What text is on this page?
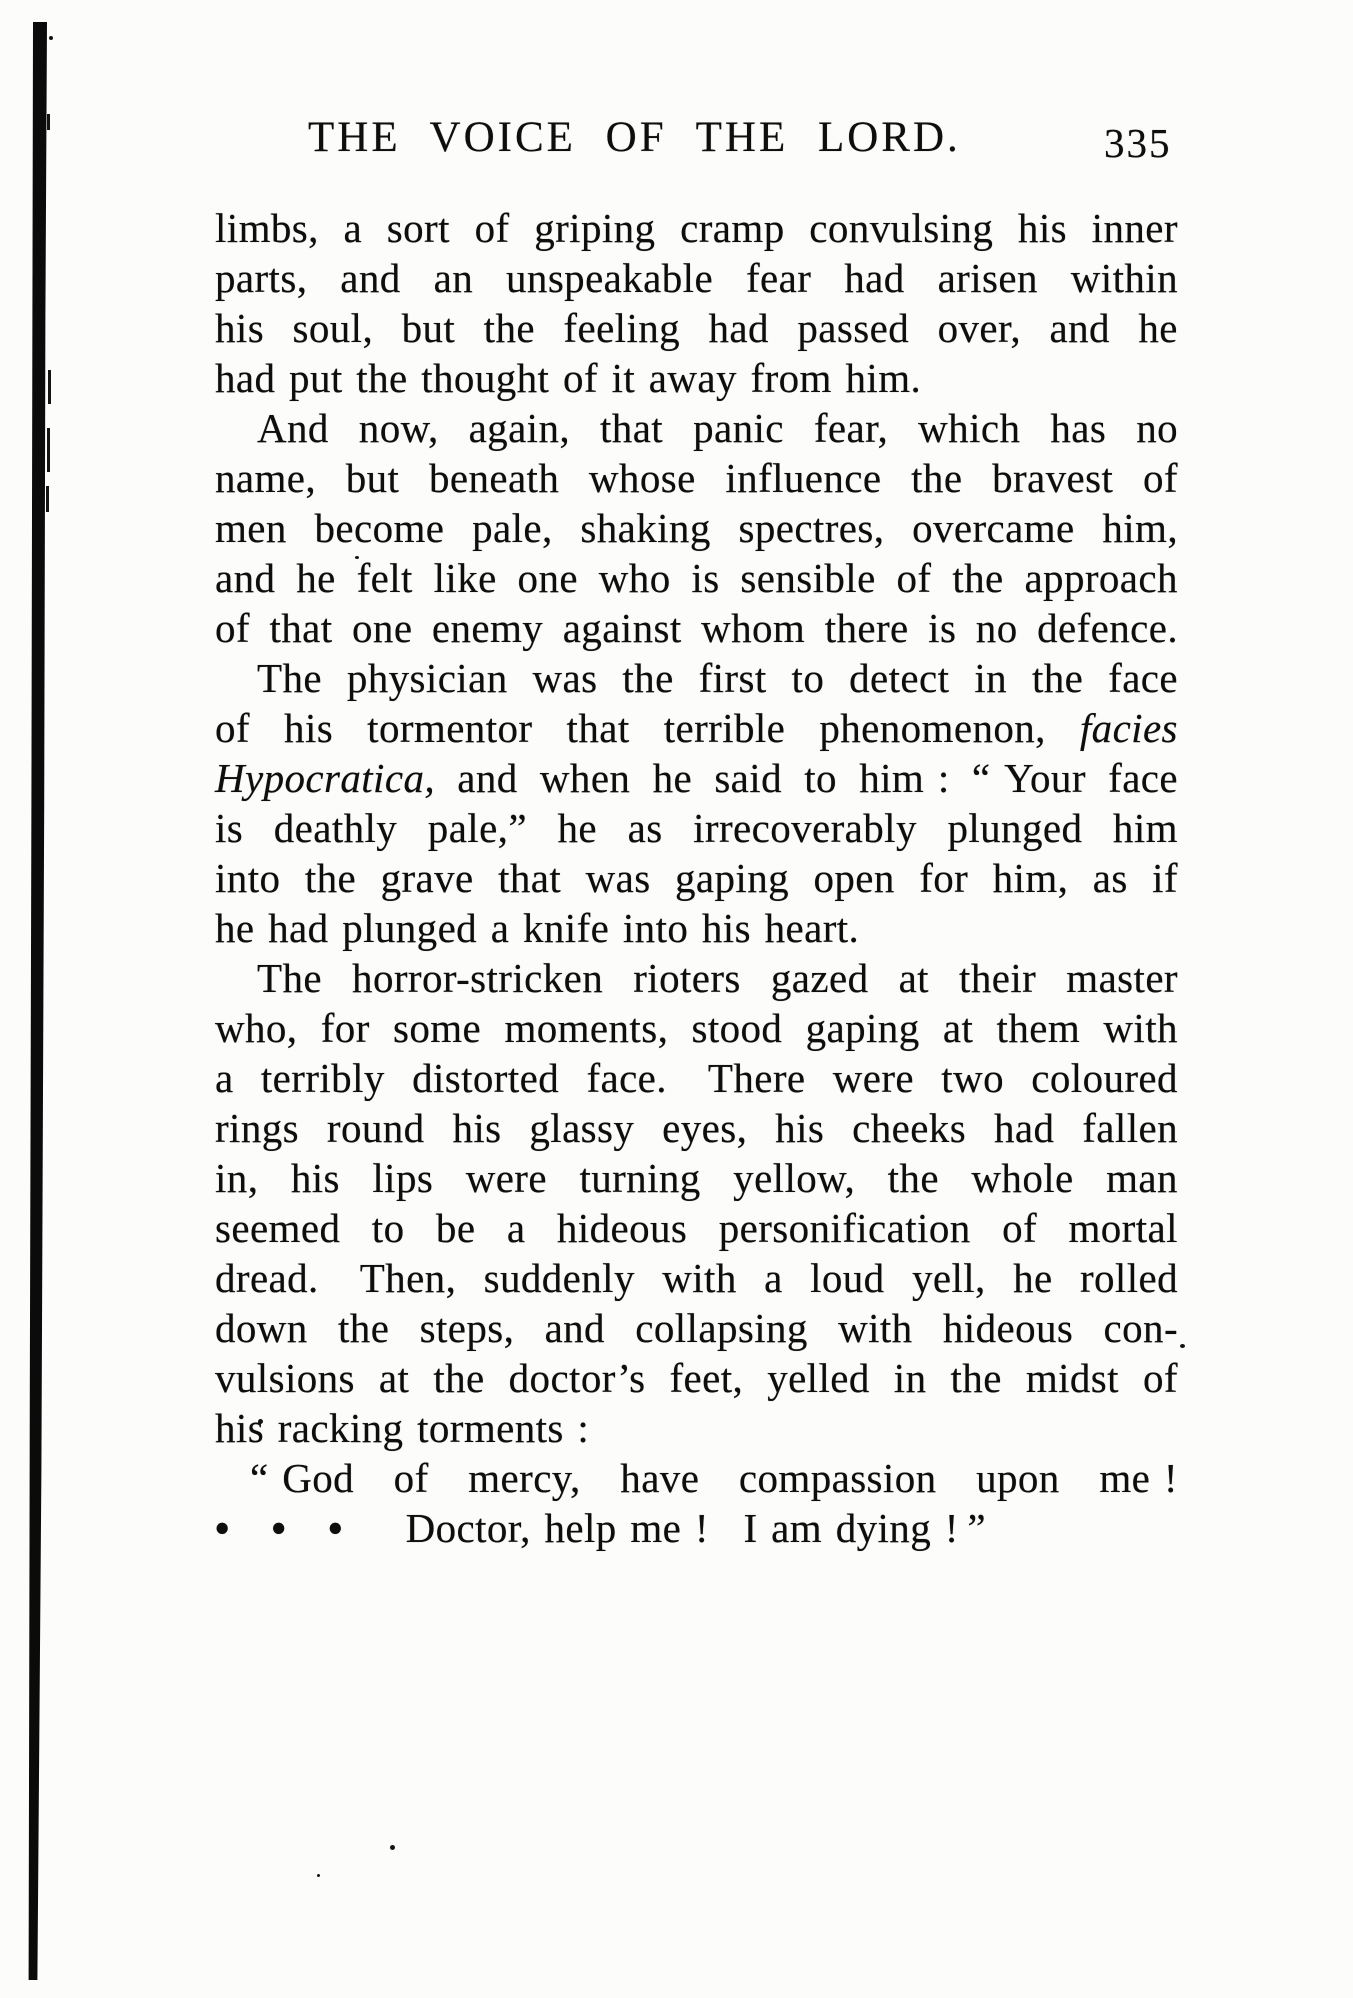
THE VOICE OF THE LORD.	335
limbs, a sort of griping cramp convulsing his inner
parts, and an unspeakable fear had arisen within
his soul, but the feeling had passed over, and he
had put the thought of it away from him.
And now, again, that panic fear, which has no
name, but beneath whose influence the bravest of
men become pale, shaking spectres, overcame him,
and he felt like one who is sensible of the approach
of that one enemy against whom there is no defence.
The physician was the first to detect in the face
of his tormentor that terrible phenomenon, facies
Hypocratica, and when he said to him : “ Your face
is deathly pale,” he as irrecoverably plunged him
into the grave that was gaping open for him, as if
he had plunged a knife into his heart.
The horror-stricken rioters gazed at their master
who, for some moments, stood gaping at them with
a terribly distorted face. There were two coloured
rings round his glassy eyes, his cheeks had fallen
in, his lips were turning yellow, the whole man
seemed to be a hideous personification of mortal
dread. Then, suddenly with a loud yell, he rolled
down the steps, and collapsing with hideous con-
vulsions at the doctor’s feet, yelled in the midst of
his racking torments :
“ God of mercy, have compassion upon me !
•  •  •   Doctor, help me !  I am dying ! ”
